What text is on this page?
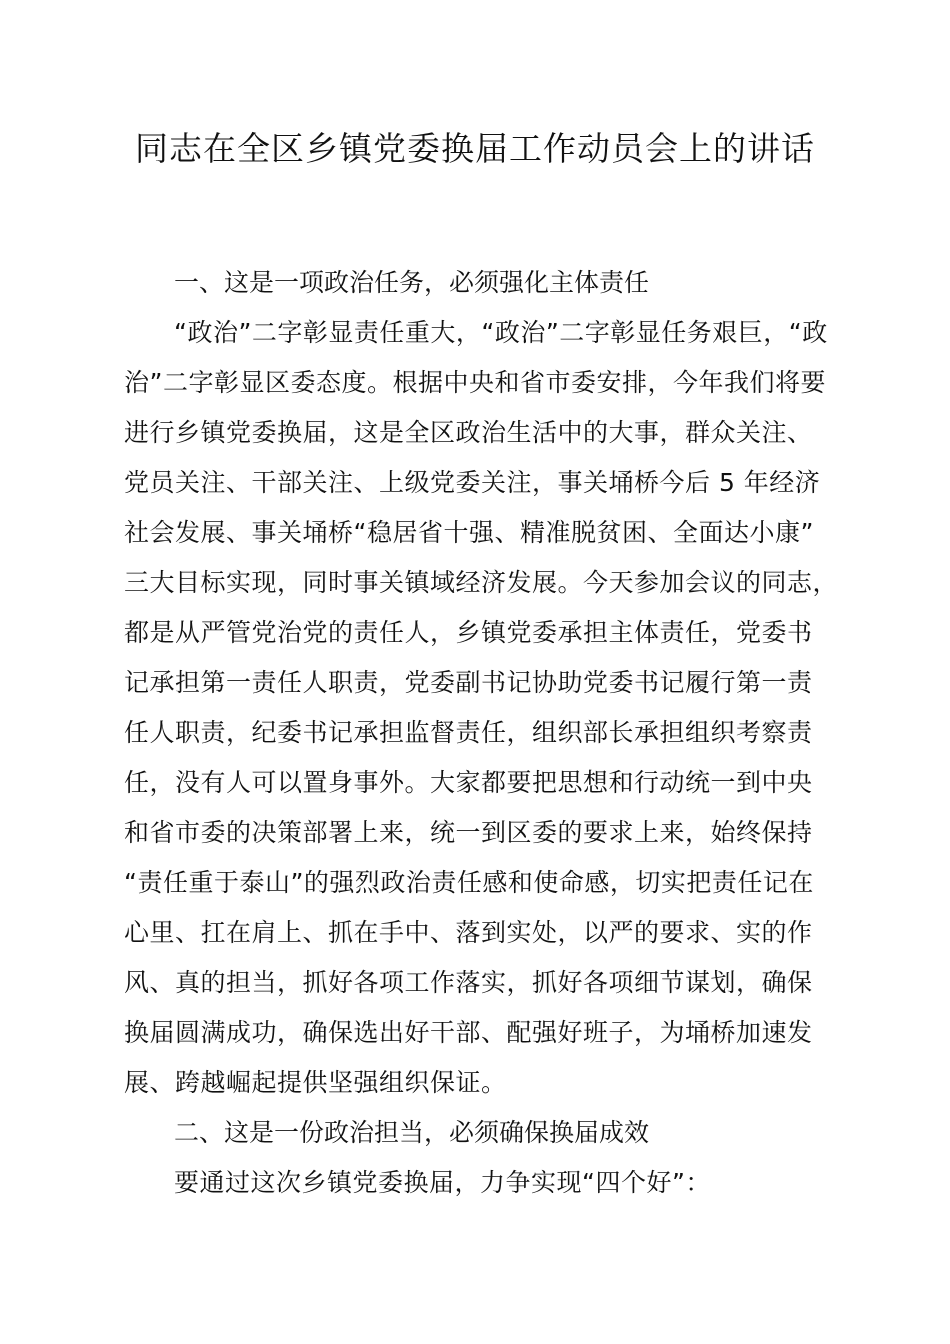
同志在全区乡镇党委换届工作动员会上的讲话

一、这是一项政治任务，必须强化主体责任

“政治”二字彰显责任重大，“政治”二字彰显任务艰巨，“政
治”二字彰显区委态度。根据中央和省市委安排，今年我们将要
进行乡镇党委换届，这是全区政治生活中的大事，群众关注、
党员关注、干部关注、上级党委关注，事关埇桥今后 5 年经济
社会发展、事关埇桥“稳居省十强、精准脱贫困、全面达小康”
三大目标实现，同时事关镇域经济发展。今天参加会议的同志，
都是从严管党治党的责任人，乡镇党委承担主体责任，党委书
记承担第一责任人职责，党委副书记协助党委书记履行第一责
任人职责，纪委书记承担监督责任，组织部长承担组织考察责
任，没有人可以置身事外。大家都要把思想和行动统一到中央
和省市委的决策部署上来，统一到区委的要求上来，始终保持
“责任重于泰山”的强烈政治责任感和使命感，切实把责任记在
心里、扛在肩上、抓在手中、落到实处，以严的要求、实的作
风、真的担当，抓好各项工作落实，抓好各项细节谋划，确保
换届圆满成功，确保选出好干部、配强好班子，为埇桥加速发
展、跨越崛起提供坚强组织保证。

二、这是一份政治担当，必须确保换届成效

要通过这次乡镇党委换届，力争实现“四个好”：
